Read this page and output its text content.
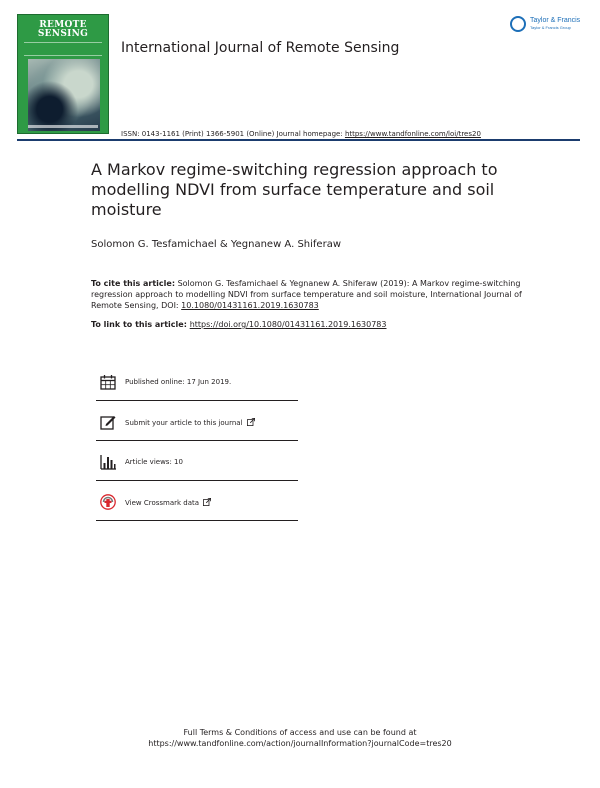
REMOTE
SENSING
Taylor & Francis
Taylor & Francis Group
International Journal of Remote Sensing
ISSN: 0143-1161 (Print) 1366-5901 (Online) Journal homepage: https://www.tandfonline.com/loi/tres20
A Markov regime-switching regression approach to modelling NDVI from surface temperature and soil moisture
Solomon G. Tesfamichael & Yegnanew A. Shiferaw
To cite this article: Solomon G. Tesfamichael & Yegnanew A. Shiferaw (2019): A Markov regime-switching regression approach to modelling NDVI from surface temperature and soil moisture, International Journal of Remote Sensing, DOI: 10.1080/01431161.2019.1630783
To link to this article: https://doi.org/10.1080/01431161.2019.1630783
Published online: 17 Jun 2019.
Submit your article to this journal
Article views: 10
View Crossmark data
Full Terms & Conditions of access and use can be found at
https://www.tandfonline.com/action/journalInformation?journalCode=tres20
